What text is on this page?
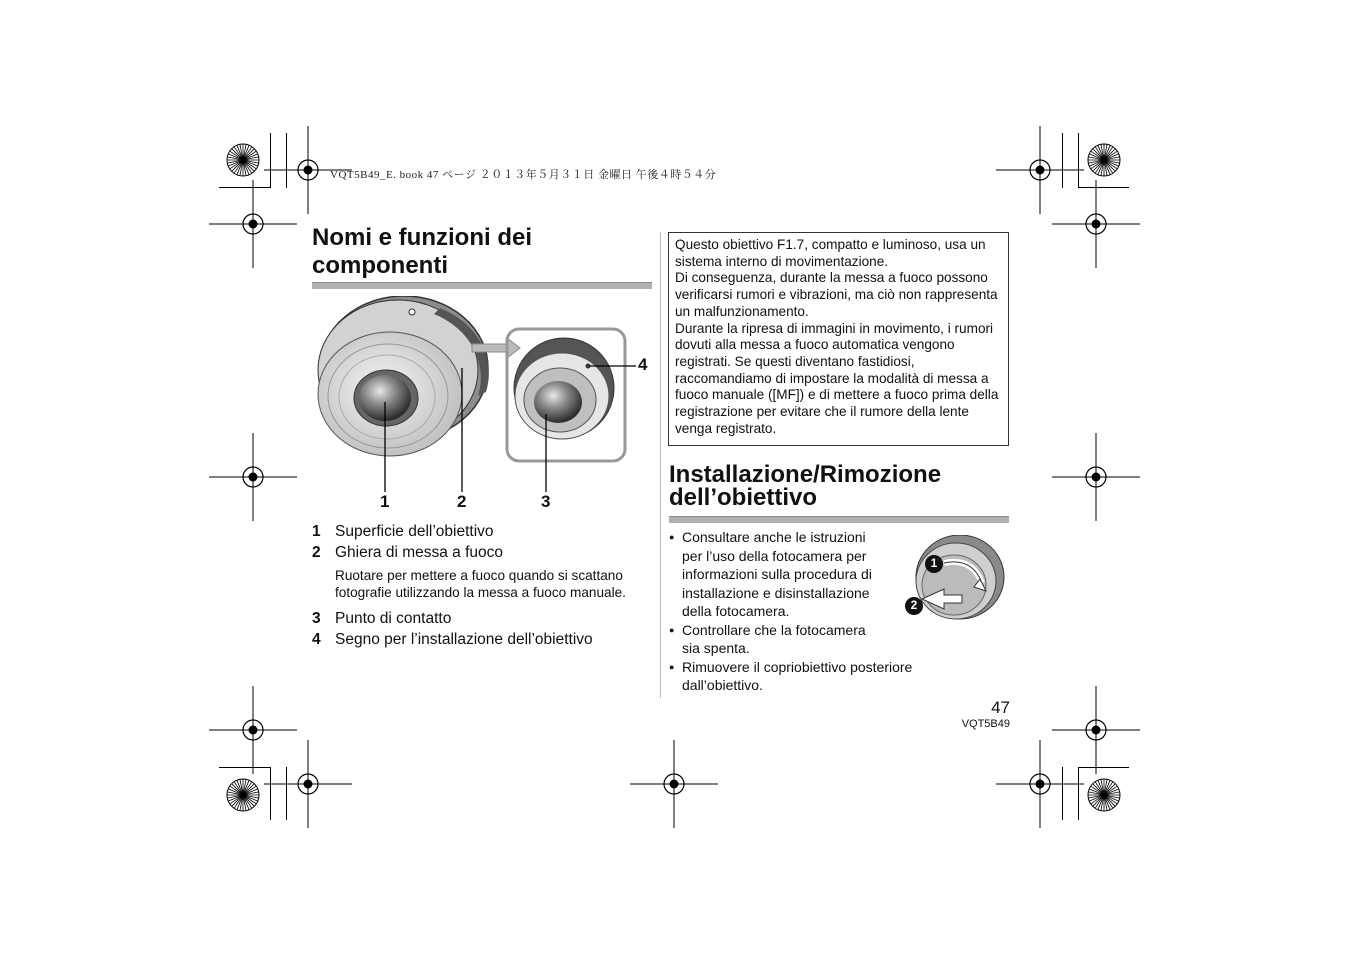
VQT5B49_E. book 47 ページ ２０１３年５月３１日 金曜日 午後４時５４分
Nomi e funzioni dei
componenti
1	2	3
4
1 Superficie dell’obiettivo
2 Ghiera di messa a fuoco
Ruotare per mettere a fuoco quando si scattano fotografie utilizzando la messa a fuoco manuale.
3 Punto di contatto
4 Segno per l’installazione dell’obiettivo

Questo obiettivo F1.7, compatto e luminoso, usa un sistema interno di movimentazione.

Di conseguenza, durante la messa a fuoco possono verificarsi rumori e vibrazioni, ma ciò non rappresenta un malfunzionamento.

Durante la ripresa di immagini in movimento, i rumori dovuti alla messa a fuoco automatica vengono registrati. Se questi diventano fastidiosi, raccomandiamo di impostare la modalità di messa a fuoco manuale ([MF]) e di mettere a fuoco prima della registrazione per evitare che il rumore della lente venga registrato.

Installazione/Rimozione
dell’obiettivo
1
2
● Consultare anche le istruzioni per l’uso della fotocamera per informazioni sulla procedura di installazione e disinstallazione della fotocamera.
● Controllare che la fotocamera sia spenta.
● Rimuovere il copriobiettivo posteriore dall’obiettivo.
47
VQT5B49
